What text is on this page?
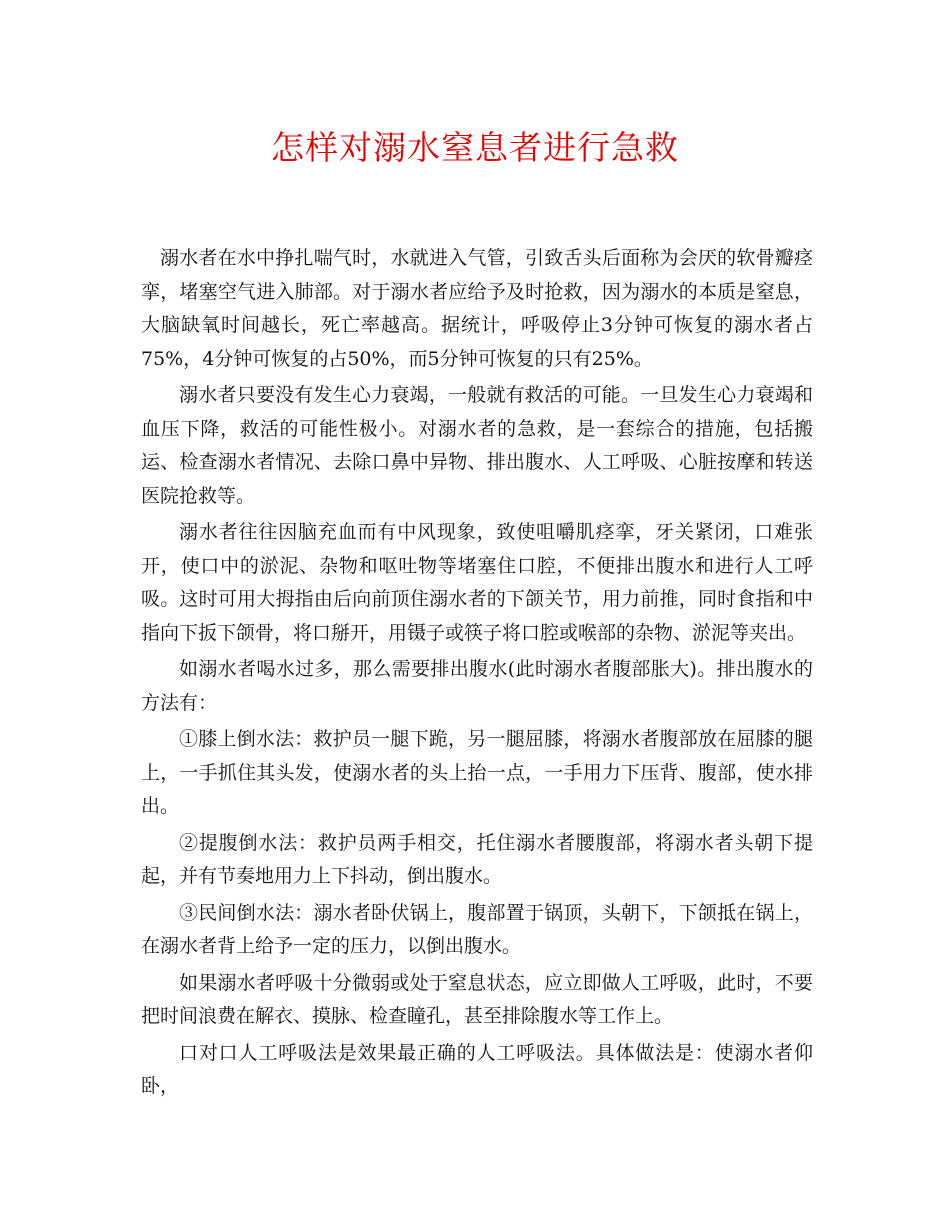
怎样对溺水窒息者进行急救

溺水者在水中挣扎喘气时，水就进入气管，引致舌头后面称为会厌的软骨瓣痉挛，堵塞空气进入肺部。对于溺水者应给予及时抢救，因为溺水的本质是窒息，大脑缺氧时间越长，死亡率越高。据统计，呼吸停止3分钟可恢复的溺水者占75%，4分钟可恢复的占50%，而5分钟可恢复的只有25%。

溺水者只要没有发生心力衰竭，一般就有救活的可能。一旦发生心力衰竭和血压下降，救活的可能性极小。对溺水者的急救，是一套综合的措施，包括搬运、检查溺水者情况、去除口鼻中异物、排出腹水、人工呼吸、心脏按摩和转送医院抢救等。

溺水者往往因脑充血而有中风现象，致使咀嚼肌痉挛，牙关紧闭，口难张开，使口中的淤泥、杂物和呕吐物等堵塞住口腔，不便排出腹水和进行人工呼吸。这时可用大拇指由后向前顶住溺水者的下颌关节，用力前推，同时食指和中指向下扳下颌骨，将口掰开，用镊子或筷子将口腔或喉部的杂物、淤泥等夹出。

如溺水者喝水过多，那么需要排出腹水(此时溺水者腹部胀大)。排出腹水的方法有：

①膝上倒水法：救护员一腿下跪，另一腿屈膝，将溺水者腹部放在屈膝的腿上，一手抓住其头发，使溺水者的头上抬一点，一手用力下压背、腹部，使水排出。

②提腹倒水法：救护员两手相交，托住溺水者腰腹部，将溺水者头朝下提起，并有节奏地用力上下抖动，倒出腹水。

③民间倒水法：溺水者卧伏锅上，腹部置于锅顶，头朝下，下颌抵在锅上，在溺水者背上给予一定的压力，以倒出腹水。

如果溺水者呼吸十分微弱或处于窒息状态，应立即做人工呼吸，此时，不要把时间浪费在解衣、摸脉、检查瞳孔，甚至排除腹水等工作上。

口对口人工呼吸法是效果最正确的人工呼吸法。具体做法是：使溺水者仰卧，
